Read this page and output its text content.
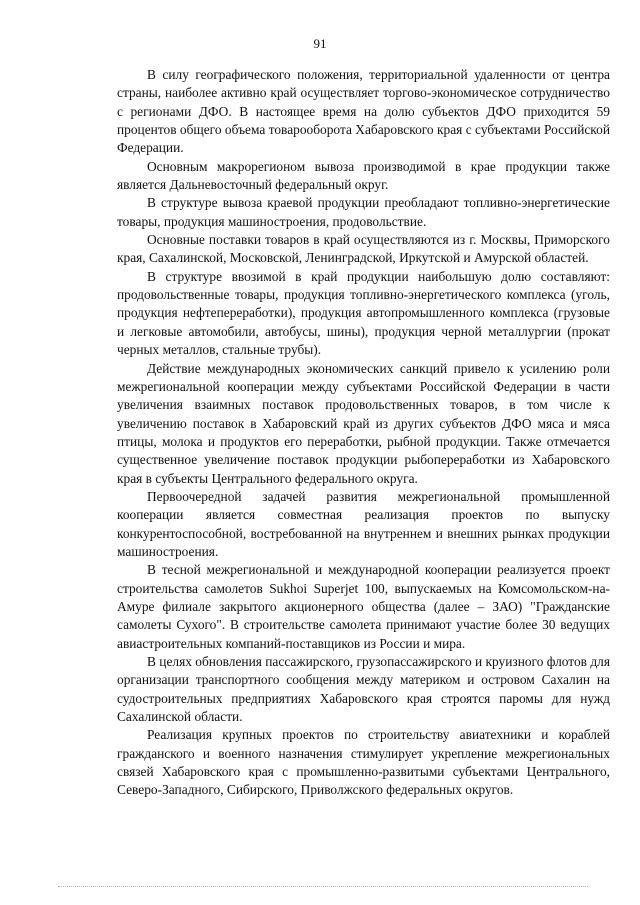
91

В силу географического положения, территориальной удаленности от центра страны, наиболее активно край осуществляет торгово-экономическое сотрудничество с регионами ДФО. В настоящее время на долю субъектов ДФО приходится 59 процентов общего объема товарооборота Хабаровского края с субъектами Российской Федерации.

Основным макрорегионом вывоза производимой в крае продукции также является Дальневосточный федеральный округ.

В структуре вывоза краевой продукции преобладают топливно-энергетические товары, продукция машиностроения, продовольствие.

Основные поставки товаров в край осуществляются из г. Москвы, Приморского края, Сахалинской, Московской, Ленинградской, Иркутской и Амурской областей.

В структуре ввозимой в край продукции наибольшую долю составляют: продовольственные товары, продукция топливно-энергетического комплекса (уголь, продукция нефтепереработки), продукция автопромышленного комплекса (грузовые и легковые автомобили, автобусы, шины), продукция черной металлургии (прокат черных металлов, стальные трубы).

Действие международных экономических санкций привело к усилению роли межрегиональной кооперации между субъектами Российской Федерации в части увеличения взаимных поставок продовольственных товаров, в том числе к увеличению поставок в Хабаровский край из других субъектов ДФО мяса и мяса птицы, молока и продуктов его переработки, рыбной продукции. Также отмечается существенное увеличение поставок продукции рыбопереработки из Хабаровского края в субъекты Центрального федерального округа.

Первоочередной задачей развития межрегиональной промышленной кооперации является совместная реализация проектов по выпуску конкурентоспособной, востребованной на внутреннем и внешних рынках продукции машиностроения.

В тесной межрегиональной и международной кооперации реализуется проект строительства самолетов Sukhoi Superjet 100, выпускаемых на Комсомольском-на-Амуре филиале закрытого акционерного общества (далее – ЗАО) "Гражданские самолеты Сухого". В строительстве самолета принимают участие более 30 ведущих авиастроительных компаний-поставщиков из России и мира.

В целях обновления пассажирского, грузопассажирского и круизного флотов для организации транспортного сообщения между материком и островом Сахалин на судостроительных предприятиях Хабаровского края строятся паромы для нужд Сахалинской области.

Реализация крупных проектов по строительству авиатехники и кораблей гражданского и военного назначения стимулирует укрепление межрегиональных связей Хабаровского края с промышленно-развитыми субъектами Центрального, Северо-Западного, Сибирского, Приволжского федеральных округов.
